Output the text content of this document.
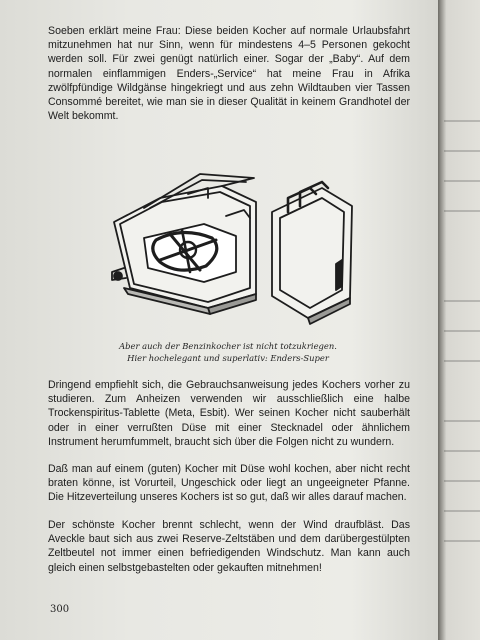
Soeben erklärt meine Frau: Diese beiden Kocher auf normale Urlaubsfahrt mitzunehmen hat nur Sinn, wenn für mindestens 4–5 Personen gekocht werden soll. Für zwei genügt natürlich einer. Sogar der „Baby“. Auf dem normalen einflammigen Enders-„Service“ hat meine Frau in Afrika zwölfpfündige Wildgänse hingekriegt und aus zehn Wildtauben vier Tassen Consommé bereitet, wie man sie in dieser Qualität in keinem Grandhotel der Welt bekommt.

Aber auch der Benzinkocher ist nicht totzukriegen.
Hier hochelegant und superlativ: Enders-Super

Dringend empfiehlt sich, die Gebrauchsanweisung jedes Kochers vorher zu studieren. Zum Anheizen verwenden wir ausschließlich eine halbe Trockenspiritus-Tablette (Meta, Esbit). Wer seinen Kocher nicht sauberhält oder in einer verrußten Düse mit einer Stecknadel oder ähnlichem Instrument herumfummelt, braucht sich über die Folgen nicht zu wundern.

Daß man auf einem (guten) Kocher mit Düse wohl kochen, aber nicht recht braten könne, ist Vorurteil, Ungeschick oder liegt an ungeeigneter Pfanne. Die Hitzeverteilung unseres Kochers ist so gut, daß wir alles darauf machen.

Der schönste Kocher brennt schlecht, wenn der Wind draufbläst. Das Aveckle baut sich aus zwei Reserve-Zeltstäben und dem darübergestülpten Zeltbeutel not immer einen befriedigenden Windschutz. Man kann auch gleich einen selbstgebastelten oder gekauften mitnehmen!

300
